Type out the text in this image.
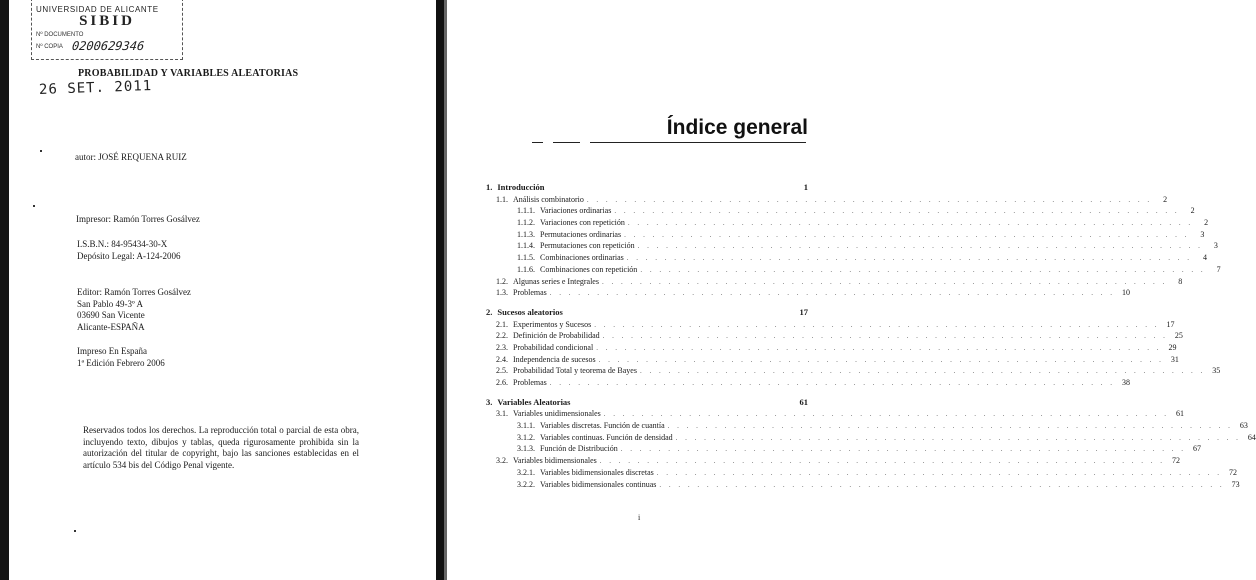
UNIVERSIDAD DE ALICANTE
SIBID
Nº DOCUMENTO
Nº COPIA 0200629346
PROBABILIDAD Y VARIABLES ALEATORIAS
26 SET. 2011
autor: JOSÉ REQUENA RUIZ
Impresor: Ramón Torres Gosálvez
I.S.B.N.: 84-95434-30-X
Depósito Legal: A-124-2006
Editor: Ramón Torres Gosálvez
San Pablo 49-3º A
03690 San Vicente
Alicante-ESPAÑA
Impreso En España
1ª Edición Febrero 2006
Reservados todos los derechos. La reproducción total o parcial de esta obra, incluyendo texto, dibujos y tablas, queda rigurosamente prohibida sin la autorización del titular de copyright, bajo las sanciones establecidas en el artículo 534 bis del Código Penal vigente.
Índice general
1. Introducción	1
1.1. Análisis combinatorio . . . . . . . . . . . . . . . . . . . . . . . . . . . . . . . . . . . . . . . . . . . . . . . . . . . . . . . . . . . .	2
1.1.1. Variaciones ordinarias . . . . . . . . . . . . . . . . . . . . . . . . . . . . . . . . . . . . . . . . . . . . . . . . . . . . . . . . . . . .	2
1.1.2. Variaciones con repetición . . . . . . . . . . . . . . . . . . . . . . . . . . . . . . . . . . . . . . . . . . . . . . . . . . . . . . . . . . . .	2
1.1.3. Permutaciones ordinarias . . . . . . . . . . . . . . . . . . . . . . . . . . . . . . . . . . . . . . . . . . . . . . . . . . . . . . . . . . . .	3
1.1.4. Permutaciones con repetición . . . . . . . . . . . . . . . . . . . . . . . . . . . . . . . . . . . . . . . . . . . . . . . . . . . . . . . . . . . .	3
1.1.5. Combinaciones ordinarias . . . . . . . . . . . . . . . . . . . . . . . . . . . . . . . . . . . . . . . . . . . . . . . . . . . . . . . . . . . .	4
1.1.6. Combinaciones con repetición . . . . . . . . . . . . . . . . . . . . . . . . . . . . . . . . . . . . . . . . . . . . . . . . . . . . . . . . . . . .	7
1.2. Algunas series e Integrales . . . . . . . . . . . . . . . . . . . . . . . . . . . . . . . . . . . . . . . . . . . . . . . . . . . . . . . . . . . .	8
1.3. Problemas . . . . . . . . . . . . . . . . . . . . . . . . . . . . . . . . . . . . . . . . . . . . . . . . . . . . . . . . . . . . 10
2. Sucesos aleatorios	17
2.1. Experimentos y Sucesos . . . . . . . . . . . . . . . . . . . . . . . . . . . . . . . . . . . . . . . . . . . . . . . . . . . . . . . . . . . . 17
2.2. Definición de Probabilidad . . . . . . . . . . . . . . . . . . . . . . . . . . . . . . . . . . . . . . . . . . . . . . . . . . . . . . . . . . . . 25
2.3. Probabilidad condicional . . . . . . . . . . . . . . . . . . . . . . . . . . . . . . . . . . . . . . . . . . . . . . . . . . . . . . . . . . . . 29
2.4. Independencia de sucesos . . . . . . . . . . . . . . . . . . . . . . . . . . . . . . . . . . . . . . . . . . . . . . . . . . . . . . . . . . . . 31
2.5. Probabilidad Total y teorema de Bayes . . . . . . . . . . . . . . . . . . . . . . . . . . . . . . . . . . . . . . . . . . . . . . . . . . . . . . . . . . . . 35
2.6. Problemas . . . . . . . . . . . . . . . . . . . . . . . . . . . . . . . . . . . . . . . . . . . . . . . . . . . . . . . . . . . . 38
3. Variables Aleatorias	61
3.1. Variables unidimensionales . . . . . . . . . . . . . . . . . . . . . . . . . . . . . . . . . . . . . . . . . . . . . . . . . . . . . . . . . . . . 61
3.1.1. Variables discretas. Función de cuantía . . . . . . . . . . . . . . . . . . . . . . . . . . . . . . . . . . . . . . . . . . . . . . . . . . . . . . . . . . . . 63
3.1.2. Variables continuas. Función de densidad . . . . . . . . . . . . . . . . . . . . . . . . . . . . . . . . . . . . . . . . . . . . . . . . . . . . . . . . . . . . 64
3.1.3. Función de Distribución . . . . . . . . . . . . . . . . . . . . . . . . . . . . . . . . . . . . . . . . . . . . . . . . . . . . . . . . . . . . 67
3.2. Variables bidimensionales . . . . . . . . . . . . . . . . . . . . . . . . . . . . . . . . . . . . . . . . . . . . . . . . . . . . . . . . . . . . 72
3.2.1. Variables bidimensionales discretas . . . . . . . . . . . . . . . . . . . . . . . . . . . . . . . . . . . . . . . . . . . . . . . . . . . . . . . . . . . . 72
3.2.2. Variables bidimensionales continuas . . . . . . . . . . . . . . . . . . . . . . . . . . . . . . . . . . . . . . . . . . . . . . . . . . . . . . . . . . . . 73
i
